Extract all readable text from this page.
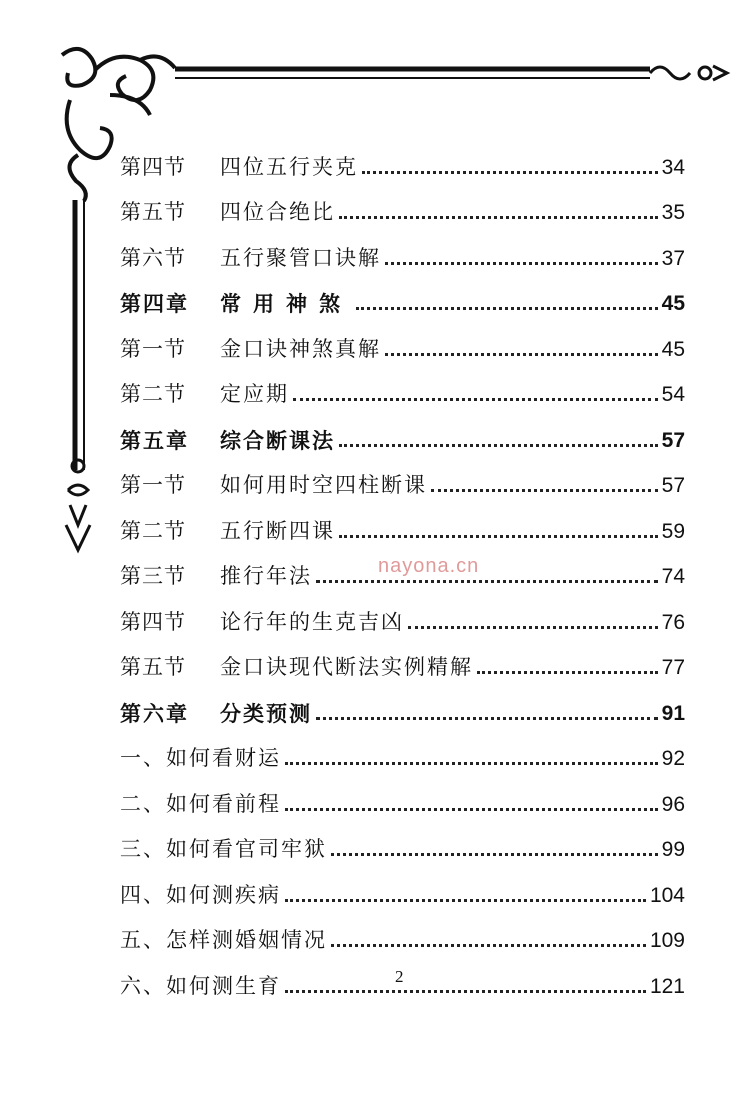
第四节	四位五行夹克	34
第五节	四位合绝比	35
第六节	五行聚管口诀解	37
第四章	常用神煞	45
第一节	金口诀神煞真解	45
第二节	定应期	54
第五章	综合断课法	57
第一节	如何用时空四柱断课	57
第二节	五行断四课	59
第三节	推行年法	74
第四节	论行年的生克吉凶	76
第五节	金口诀现代断法实例精解	77
第六章	分类预测	91
一、如何看财运	92
二、如何看前程	96
三、如何看官司牢狱	99
四、如何测疾病	104
五、怎样测婚姻情况	109
六、如何测生育	121
nayona.cn
2
